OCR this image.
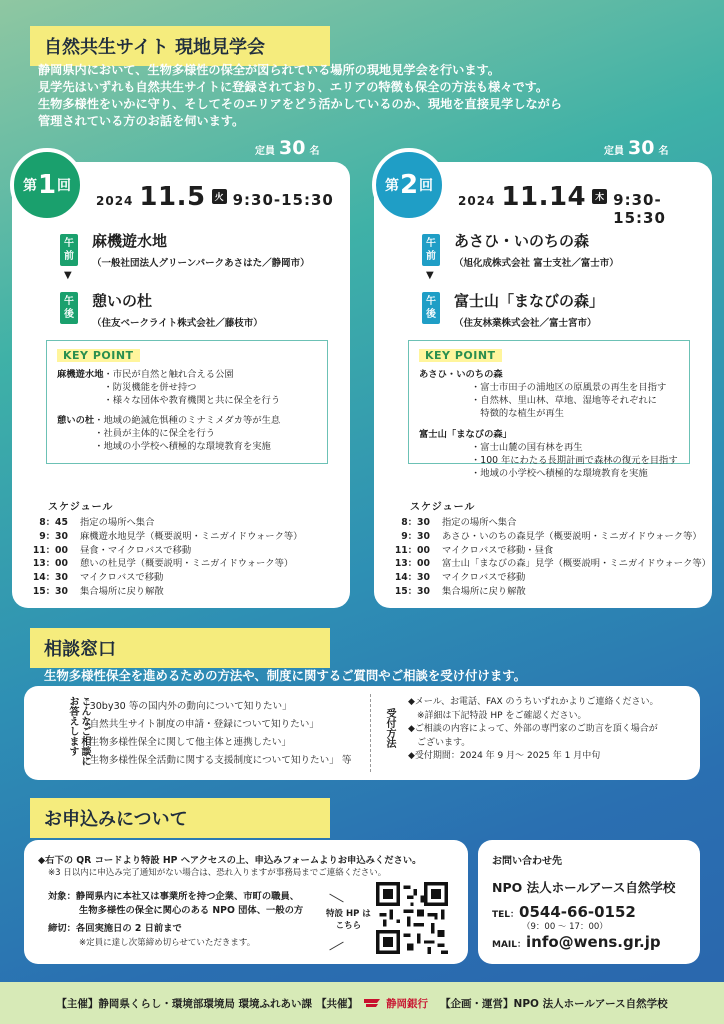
自然共生サイト 現地見学会
静岡県内において、生物多様性の保全が図られている場所の現地見学会を行います。
見学先はいずれも自然共生サイトに登録されており、エリアの特徴も保全の方法も様々です。
生物多様性をいかに守り、そしてそのエリアをどう活かしているのか、現地を直接見学しながら
管理されている方のお話を伺います。
定員 30 名
2024 11.5	火 9:30-15:30
午前
麻機遊水地
（一般社団法人グリーンパークあさはた／静岡市）
▼
午後
憩いの杜
（住友ベークライト株式会社／藤枝市）
KEY POINT
麻機遊水地 ・市民が自然と触れ合える公園
・防災機能を併せ持つ
・様々な団体や教育機関と共に保全を行う
憩いの杜 ・地域の絶滅危惧種のミナミメダカ等が生息
・社員が主体的に保全を行う
・地域の小学校へ積極的な環境教育を実施
スケジュール
8：45 指定の場所へ集合
9：30 麻機遊水地見学（概要説明・ミニガイドウォーク等）
11：00 昼食・マイクロバスで移動
13：00 憩いの杜見学（概要説明・ミニガイドウォーク等）
14：30 マイクロバスで移動
15：30 集合場所に戻り解散
第 1 回
定員 30 名
2024 11.14	木 9:30-15:30
午前
あさひ・いのちの森
（旭化成株式会社 富士支社／富士市）
▼
午後
富士山「まなびの森」
（住友林業株式会社／富士宮市）
KEY POINT
あさひ・いのちの森
・富士市田子の浦地区の原風景の再生を目指す
・自然林、里山林、草地、湿地等それぞれに
　特徴的な植生が再生
富士山「まなびの森」
・富士山麓の国有林を再生
・100 年にわたる長期計画で森林の復元を目指す
・地域の小学校へ積極的な環境教育を実施
スケジュール
8：30 指定の場所へ集合
9：30 あさひ・いのちの森見学（概要説明・ミニガイドウォーク等）
11：00 マイクロバスで移動・昼食
13：00 富士山「まなびの森」見学（概要説明・ミニガイドウォーク等）
14：30 マイクロバスで移動
15：30 集合場所に戻り解散
第 2 回
相談窓口
生物多様性保全を進めるための方法や、制度に関するご質問やご相談を受け付けます。
こんなご相談にお答えします 「30by30 等の国内外の動向について知りたい」
「自然共生サイト制度の申請・登録について知りたい」
「生物多様性保全に関して他主体と連携したい」
「生物多様性保全活動に関する支援制度について知りたい」 等
受付方法
◆メール、お電話、FAX のうちいずれかよりご連絡ください。
　※詳細は下記特設 HP をご確認ください。
◆ご相談の内容によって、外部の専門家のご助言を頂く場合が
　ございます。
◆受付期間：2024 年 9 月～ 2025 年 1 月中旬
お申込みについて
◆右下の QR コードより特設 HP へアクセスの上、申込みフォームよりお申込みください。
※3 日以内に申込み完了通知がない場合は、恐れ入りますが事務局までご連絡ください。
対象：静岡県内に本社又は事業所を持つ企業、市町の職員、
生物多様性の保全に関心のある NPO 団体、一般の方
締切：各回実施日の 2 日前まで
※定員に達し次第締め切らせていただきます。
特設 HP は
こちら
お問い合わせ先
NPO 法人ホールアース自然学校
TEL：0544-66-0152
（9：00 ～ 17：00）
MAIL：info@wens.gr.jp
【主催】静岡県くらし・環境部環境局 環境ふれあい課 【共催】	静岡銀行 【企画・運営】NPO 法人ホールアース自然学校
